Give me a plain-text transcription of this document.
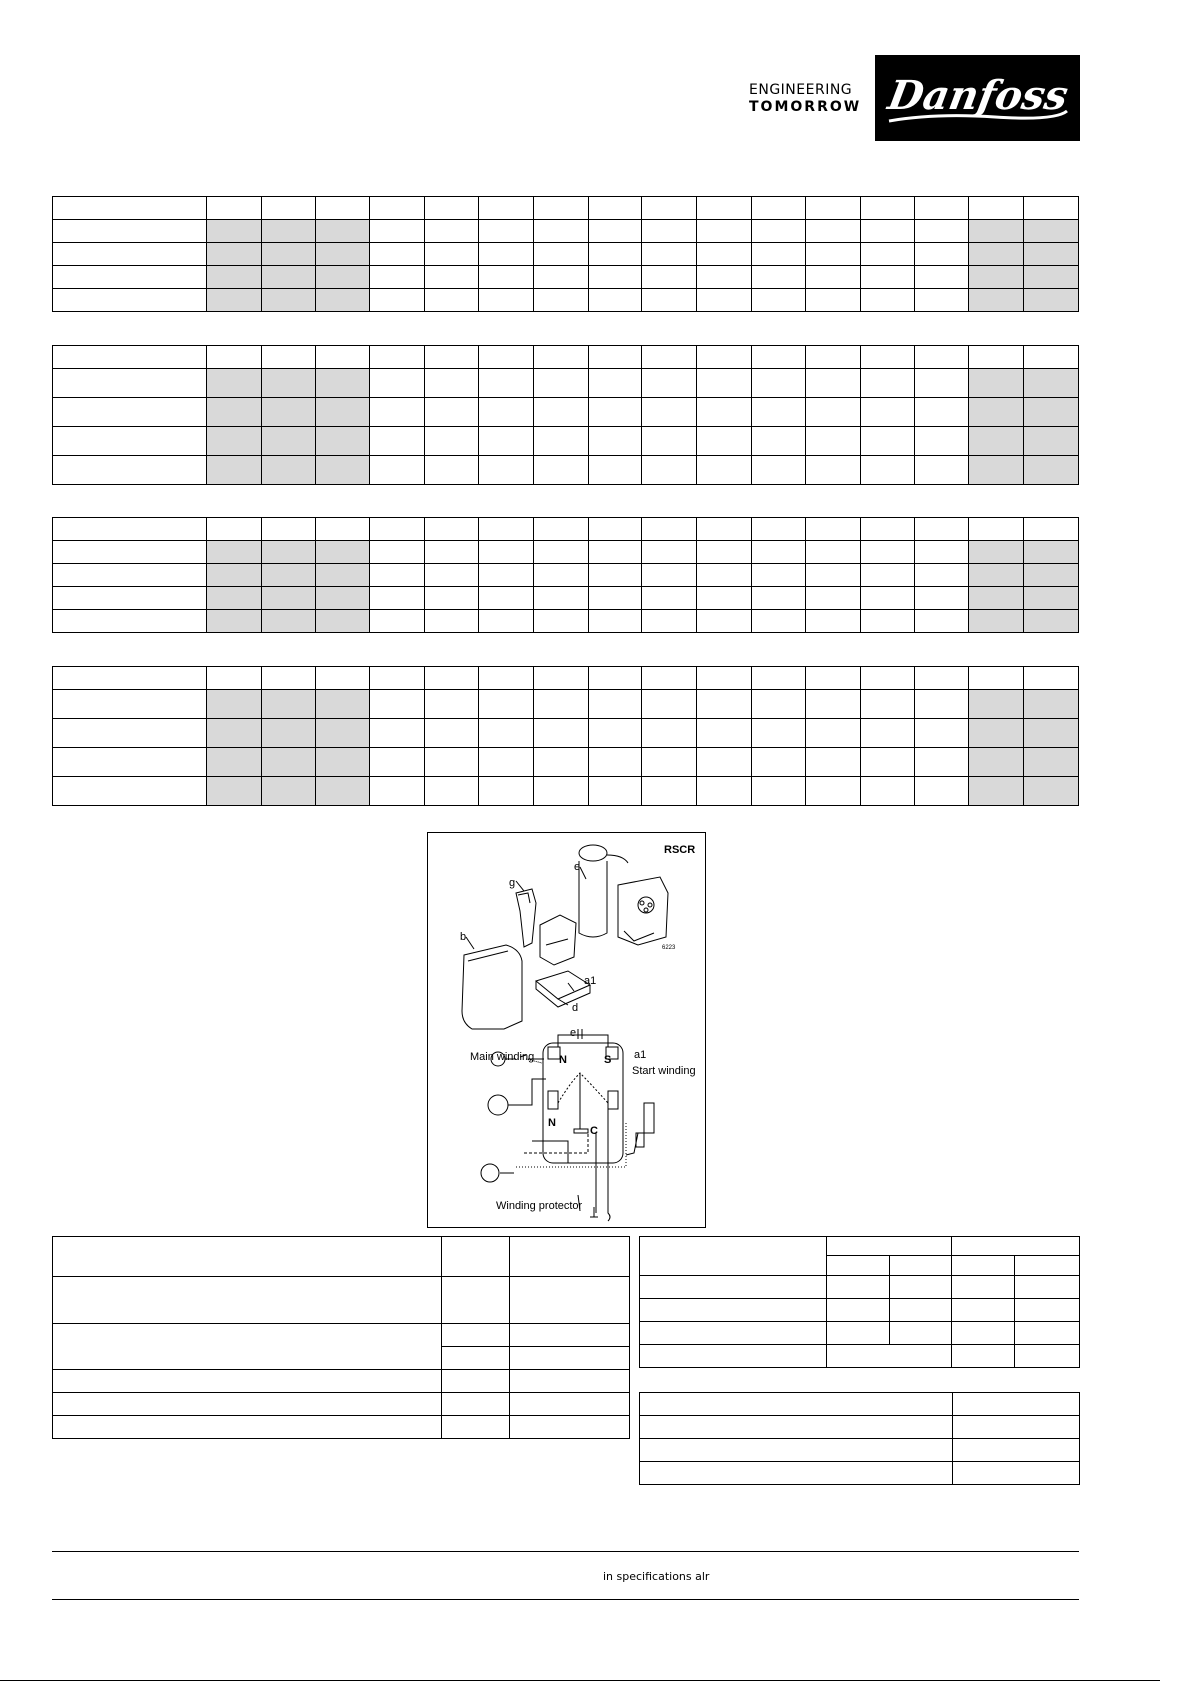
ENGINEERING
TOMORROW Danfoss

RSCR
g
e
b
a1
d
6223
e
Main winding	a1
Start winding
N	S
N
C
Winding protector

in specifications alr
